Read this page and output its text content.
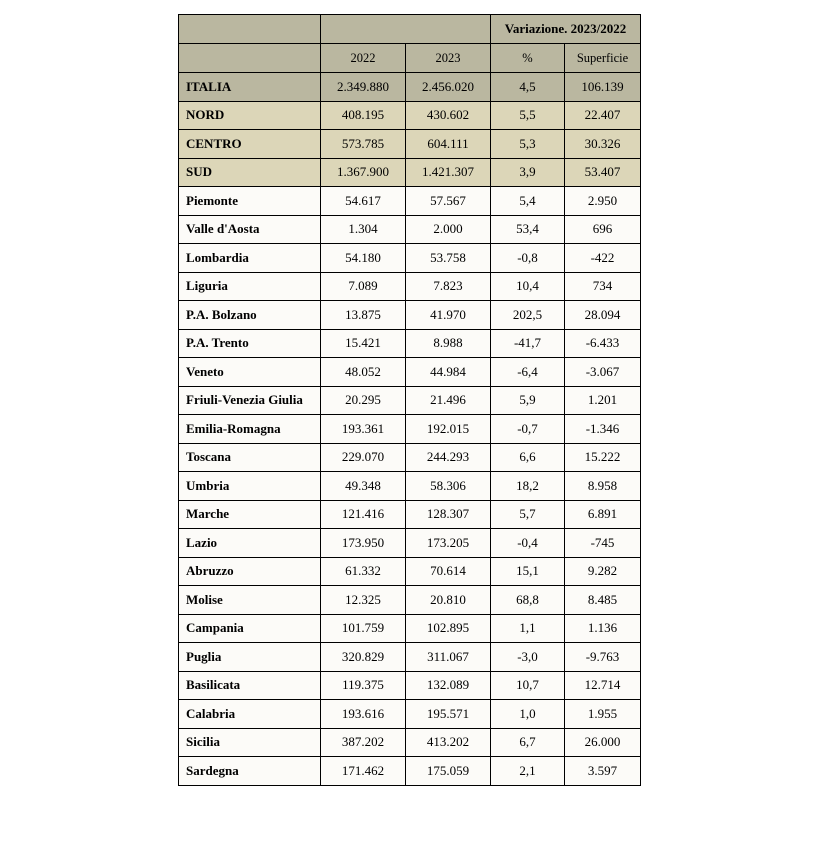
			Variazione. 2023/2022	
	2022	2023	%	Superficie
ITALIA	2.349.880	2.456.020	4,5	106.139
NORD	408.195	430.602	5,5	22.407
CENTRO	573.785	604.111	5,3	30.326
SUD	1.367.900	1.421.307	3,9	53.407
Piemonte	54.617	57.567	5,4	2.950
Valle d'Aosta	1.304	2.000	53,4	696
Lombardia	54.180	53.758	-0,8	-422
Liguria	7.089	7.823	10,4	734
P.A. Bolzano	13.875	41.970	202,5	28.094
P.A. Trento	15.421	8.988	-41,7	-6.433
Veneto	48.052	44.984	-6,4	-3.067
Friuli-Venezia Giulia	20.295	21.496	5,9	1.201
Emilia-Romagna	193.361	192.015	-0,7	-1.346
Toscana	229.070	244.293	6,6	15.222
Umbria	49.348	58.306	18,2	8.958
Marche	121.416	128.307	5,7	6.891
Lazio	173.950	173.205	-0,4	-745
Abruzzo	61.332	70.614	15,1	9.282
Molise	12.325	20.810	68,8	8.485
Campania	101.759	102.895	1,1	1.136
Puglia	320.829	311.067	-3,0	-9.763
Basilicata	119.375	132.089	10,7	12.714
Calabria	193.616	195.571	1,0	1.955
Sicilia	387.202	413.202	6,7	26.000
Sardegna	171.462	175.059	2,1	3.597
